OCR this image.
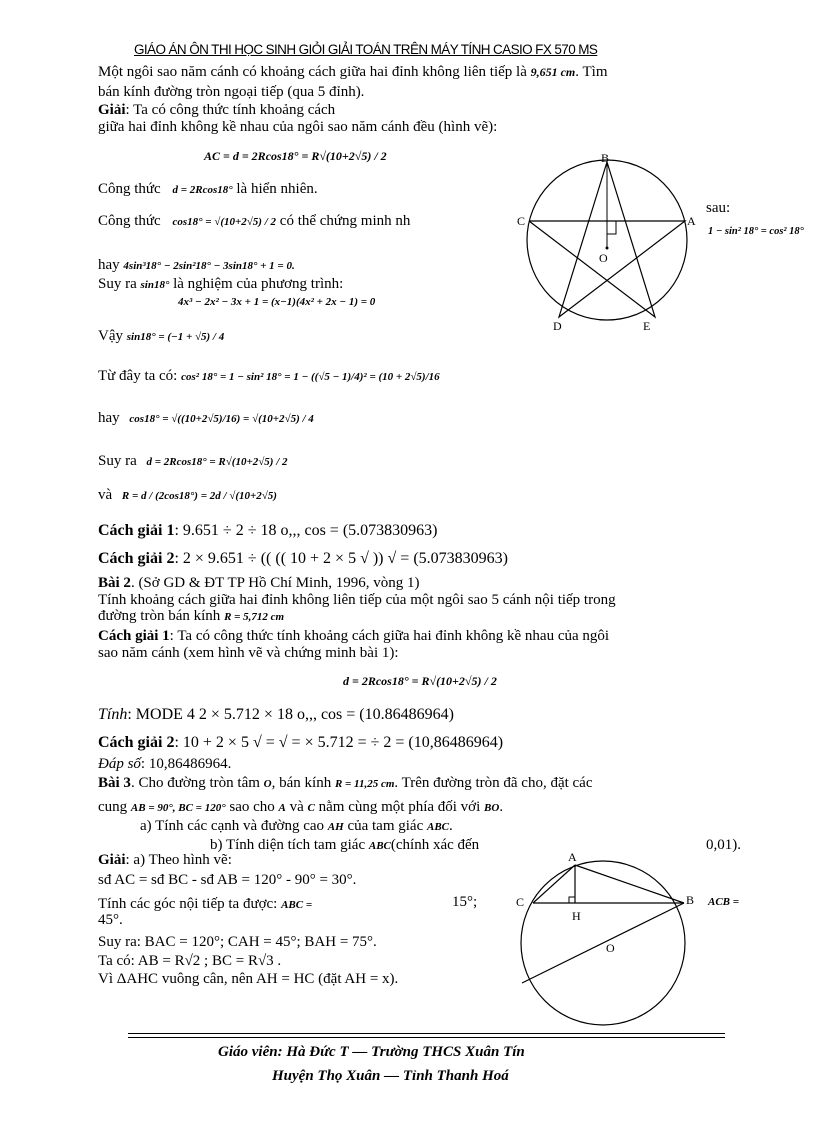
GIÁO ÁN ÔN THI HỌC SINH GIỎI GIẢI TOÁN TRÊN MÁY TÍNH CASIO FX 570 MS
Một ngôi sao năm cánh có khoảng cách giữa hai đỉnh không liên tiếp là 9,651 cm. Tìm
bán kính đường tròn ngoại tiếp (qua 5 đỉnh).
Giải: Ta có công thức tính khoảng cách
giữa hai đỉnh không kề nhau của ngôi sao năm cánh đều (hình vẽ):
AC = d = 2Rcos18° = R√(10+2√5) / 2
Công thức d = 2Rcos18° là hiển nhiên.
Công thức cos18° = √(10+2√5) / 2 có thể chứng minh nh
sau:
1 − sin² 18° = cos² 18°
hay 4sin³18° − 2sin²18° − 3sin18° + 1 = 0.
Suy ra sin18° là nghiệm của phương trình:
4x³ − 2x² − 3x + 1 = (x−1)(4x² + 2x − 1) = 0
Vậy sin18° = (−1 + √5) / 4
Từ đây ta có: cos² 18° = 1 − sin² 18° = 1 − ((√5 − 1)/4)² = (10 + 2√5)/16
hay cos18° = √((10+2√5)/16) = √(10+2√5) / 4
Suy ra d = 2Rcos18° = R√(10+2√5) / 2
và R = d / (2cos18°) = 2d / √(10+2√5)
Cách giải 1: 9.651 ÷ 2 ÷ 18 o,,, cos = (5.073830963)
Cách giải 2: 2 × 9.651 ÷ (( (( 10 + 2 × 5 √ )) √ = (5.073830963)
Bài 2. (Sở GD & ĐT TP Hồ Chí Minh, 1996, vòng 1)
Tính khoảng cách giữa hai đỉnh không liên tiếp của một ngôi sao 5 cánh nội tiếp trong
đường tròn bán kính R = 5,712 cm
Cách giải 1: Ta có công thức tính khoảng cách giữa hai đỉnh không kề nhau của ngôi
sao năm cánh (xem hình vẽ và chứng minh bài 1):
d = 2Rcos18° = R√(10+2√5) / 2
Tính: MODE 4 2 × 5.712 × 18 o,,, cos = (10.86486964)
Cách giải 2: 10 + 2 × 5 √ = √ = × 5.712 = ÷ 2 = (10,86486964)
Đáp số: 10,86486964.
Bài 3. Cho đường tròn tâm O, bán kính R = 11,25 cm. Trên đường tròn đã cho, đặt các
cung AB = 90°, BC = 120° sao cho A và C nằm cùng một phía đối với BO.
a) Tính các cạnh và đường cao AH của tam giác ABC.
b) Tính diện tích tam giác ABC(chính xác đến	0,01).
Giải: a) Theo hình vẽ:
sđ AC = sđ BC - sđ AB = 120° - 90° = 30°.
Tính các góc nội tiếp ta được: ABC =	15°;	ACB =
45°.
Suy ra: BAC = 120°; CAH = 45°; BAH = 75°.
Ta có: AB = R√2 ; BC = R√3 .
Vì ΔAHC vuông cân, nên AH = HC (đặt AH = x).
B
A
C
D	E
O
A
B
C
H
O
Giáo viên: Hà Đức T — Trường THCS Xuân Tín
Huyện Thọ Xuân — Tỉnh Thanh Hoá
